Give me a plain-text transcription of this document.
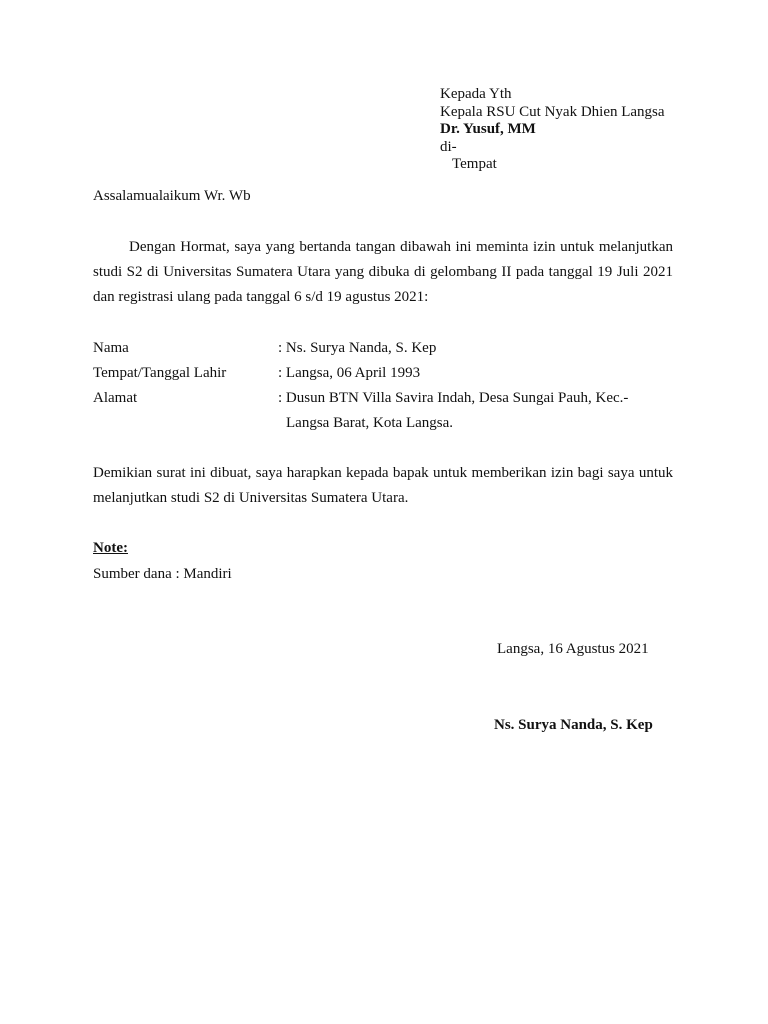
Kepada Yth
Kepala RSU Cut Nyak Dhien Langsa
Dr. Yusuf, MM
di-
Tempat
Assalamualaikum Wr. Wb

Dengan Hormat, saya yang bertanda tangan dibawah ini meminta izin untuk melanjutkan studi S2 di Universitas Sumatera Utara yang dibuka di gelombang II pada tanggal 19 Juli 2021 dan registrasi ulang pada tanggal 6 s/d 19 agustus 2021:

Nama	: Ns. Surya Nanda, S. Kep
Tempat/Tanggal Lahir	: Langsa, 06 April 1993
Alamat	: Dusun BTN Villa Savira Indah, Desa Sungai Pauh, Kec.-
Langsa Barat, Kota Langsa.

Demikian surat ini dibuat, saya harapkan kepada bapak untuk memberikan izin bagi saya untuk melanjutkan studi S2 di Universitas Sumatera Utara.

Note:
Sumber dana : Mandiri
Langsa, 16 Agustus 2021
Ns. Surya Nanda, S. Kep
